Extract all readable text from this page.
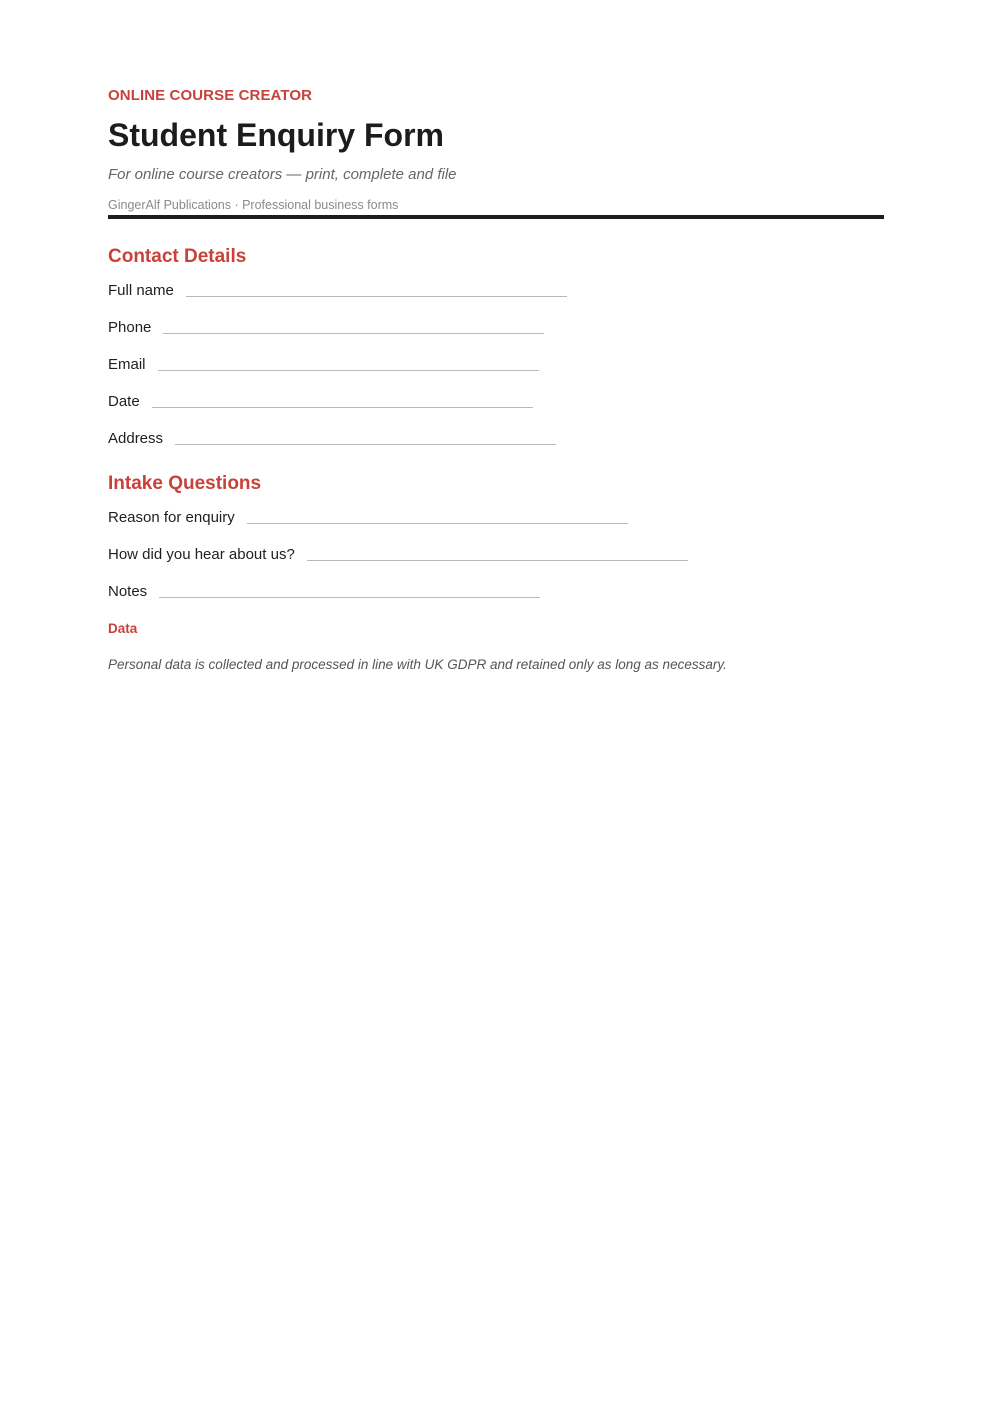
ONLINE COURSE CREATOR
Student Enquiry Form
For online course creators — print, complete and file
GingerAlf Publications · Professional business forms
Contact Details
Full name
Phone
Email
Date
Address
Intake Questions
Reason for enquiry
How did you hear about us?
Notes
Data
Personal data is collected and processed in line with UK GDPR and retained only as long as necessary.
